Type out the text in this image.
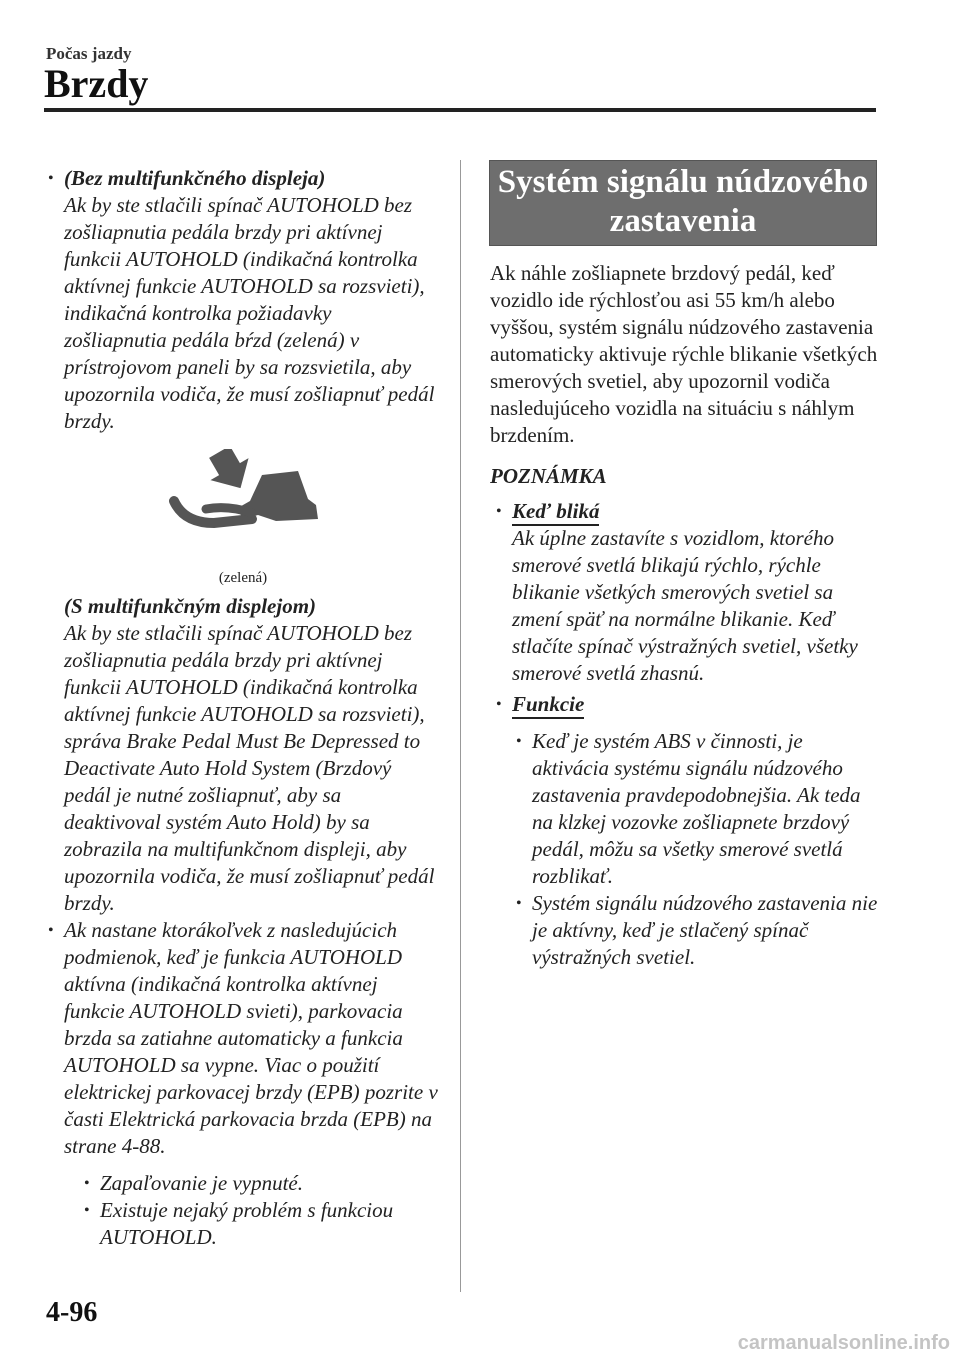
Počas jazdy
Brzdy
• (Bez multifunkčného displeja)
Ak by ste stlačili spínač AUTOHOLD bez zošliapnutia pedála brzdy pri aktívnej funkcii AUTOHOLD (indikačná kontrolka aktívnej funkcie AUTOHOLD sa rozsvieti), indikačná kontrolka požiadavky zošliapnutia pedála bŕzd (zelená) v prístrojovom paneli by sa rozsvietila, aby upozornila vodiča, že musí zošliapnuť pedál brzdy.
(zelená)
(S multifunkčným displejom)
Ak by ste stlačili spínač AUTOHOLD bez zošliapnutia pedála brzdy pri aktívnej funkcii AUTOHOLD (indikačná kontrolka aktívnej funkcie AUTOHOLD sa rozsvieti), správa Brake Pedal Must Be Depressed to Deactivate Auto Hold System (Brzdový pedál je nutné zošliapnuť, aby sa deaktivoval systém Auto Hold) by sa zobrazila na multifunkčnom displeji, aby upozornila vodiča, že musí zošliapnuť pedál brzdy.
• Ak nastane ktorákoľvek z nasledujúcich podmienok, keď je funkcia AUTOHOLD aktívna (indikačná kontrolka aktívnej funkcie AUTOHOLD svieti), parkovacia brzda sa zatiahne automaticky a funkcia AUTOHOLD sa vypne. Viac o použití elektrickej parkovacej brzdy (EPB) pozrite v časti Elektrická parkovacia brzda (EPB) na strane 4-88.
• Zapaľovanie je vypnuté.
• Existuje nejaký problém s funkciou AUTOHOLD.
Systém signálu núdzového zastavenia
Ak náhle zošliapnete brzdový pedál, keď vozidlo ide rýchlosťou asi 55 km/h alebo vyššou, systém signálu núdzového zastavenia automaticky aktivuje rýchle blikanie všetkých smerových svetiel, aby upozornil vodiča nasledujúceho vozidla na situáciu s náhlym brzdením.
POZNÁMKA
• Keď bliká
Ak úplne zastavíte s vozidlom, ktorého smerové svetlá blikajú rýchlo, rýchle blikanie všetkých smerových svetiel sa zmení späť na normálne blikanie. Keď stlačíte spínač výstražných svetiel, všetky smerové svetlá zhasnú.
• Funkcie
• Keď je systém ABS v činnosti, je aktivácia systému signálu núdzového zastavenia pravdepodobnejšia. Ak teda na klzkej vozovke zošliapnete brzdový pedál, môžu sa všetky smerové svetlá rozblikať.
• Systém signálu núdzového zastavenia nie je aktívny, keď je stlačený spínač výstražných svetiel.
4-96
carmanualsonline.info
